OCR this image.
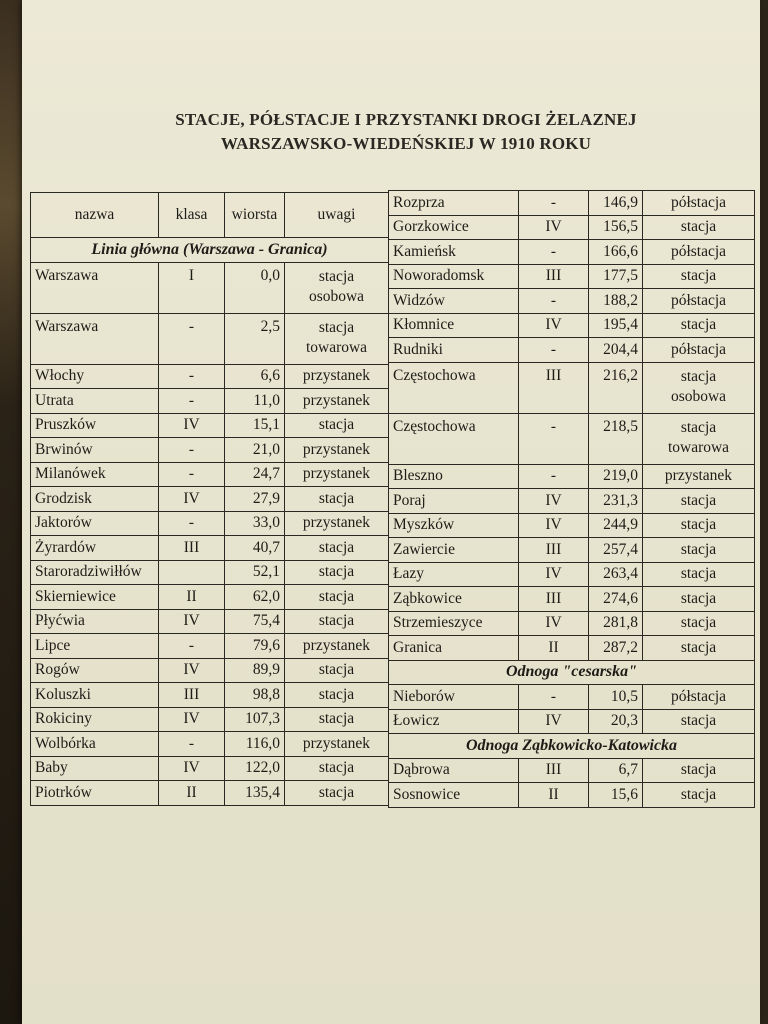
STACJE, PÓŁSTACJE I PRZYSTANKI DROGI ŻELAZNEJ
WARSZAWSKO-WIEDEŃSKIEJ W 1910 ROKU
nazwa	klasa	wiorsta	uwagi
Linia główna (Warszawa - Granica)			
Warszawa	I	0,0	stacja
osobowa

Warszawa	-	2,5	stacja
towarowa

Włochy	-	6,6	przystanek

Utrata	-	11,0	przystanek

Pruszków	IV	15,1	stacja

Brwinów	-	21,0	przystanek

Milanówek	-	24,7	przystanek

Grodzisk	IV	27,9	stacja

Jaktorów	-	33,0	przystanek

Żyrardów	III	40,7	stacja

Staroradziwiłłów		52,1	stacja

Skierniewice	II	62,0	stacja

Płyćwia	IV	75,4	stacja

Lipce	-	79,6	przystanek

Rogów	IV	89,9	stacja

Koluszki	III	98,8	stacja

Rokiciny	IV	107,3	stacja

Wolbórka	-	116,0	przystanek

Baby	IV	122,0	stacja

Piotrków	II	135,4	stacja
Rozprza	-	146,9	półstacja

Gorzkowice	IV	156,5	stacja

Kamieńsk	-	166,6	półstacja

Noworadomsk	III	177,5	stacja

Widzów	-	188,2	półstacja

Kłomnice	IV	195,4	stacja

Rudniki	-	204,4	półstacja

Częstochowa	III	216,2	stacja
osobowa

Częstochowa	-	218,5	stacja
towarowa

Bleszno	-	219,0	przystanek

Poraj	IV	231,3	stacja

Myszków	IV	244,9	stacja

Zawiercie	III	257,4	stacja

Łazy	IV	263,4	stacja

Ząbkowice	III	274,6	stacja

Strzemieszyce	IV	281,8	stacja

Granica	II	287,2	stacja

Odnoga "cesarska"			
Nieborów	-	10,5	półstacja

Łowicz	IV	20,3	stacja

Odnoga Ząbkowicko-Katowicka			
Dąbrowa	III	6,7	stacja

Sosnowice	II	15,6	stacja
